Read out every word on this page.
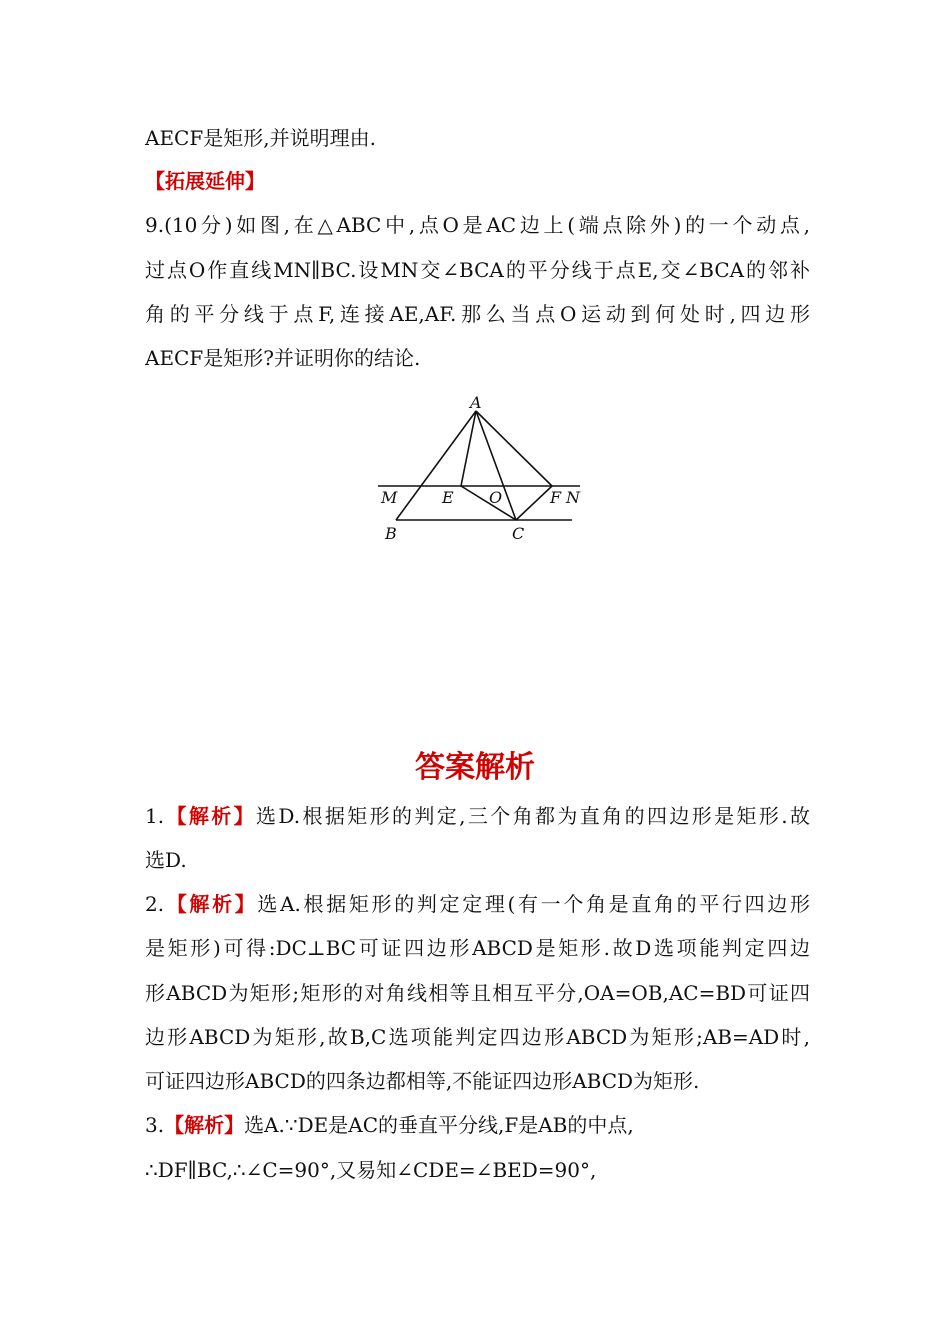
AECF是矩形,并说明理由.
【拓展延伸】
9.(10分)如图,在△ABC中,点O是AC边上(端点除外)的一个动点,
过点O作直线MN∥BC.设MN交∠BCA的平分线于点E,交∠BCA的邻补
角的平分线于点F,连接AE,AF.那么当点O运动到何处时,四边形
AECF是矩形?并证明你的结论.
A
M	E O	F N
B	C
答案解析
1.【解析】选D.根据矩形的判定,三个角都为直角的四边形是矩形.故
选D.
2.【解析】选A.根据矩形的判定定理(有一个角是直角的平行四边形
是矩形)可得:DC⊥BC可证四边形ABCD是矩形.故D选项能判定四边
形ABCD为矩形;矩形的对角线相等且相互平分,OA=OB,AC=BD可证四
边形ABCD为矩形,故B,C选项能判定四边形ABCD为矩形;AB=AD时,
可证四边形ABCD的四条边都相等,不能证四边形ABCD为矩形.
3.【解析】选A.∵DE是AC的垂直平分线,F是AB的中点,
∴DF∥BC,∴∠C=90°,又易知∠CDE=∠BED=90°,
